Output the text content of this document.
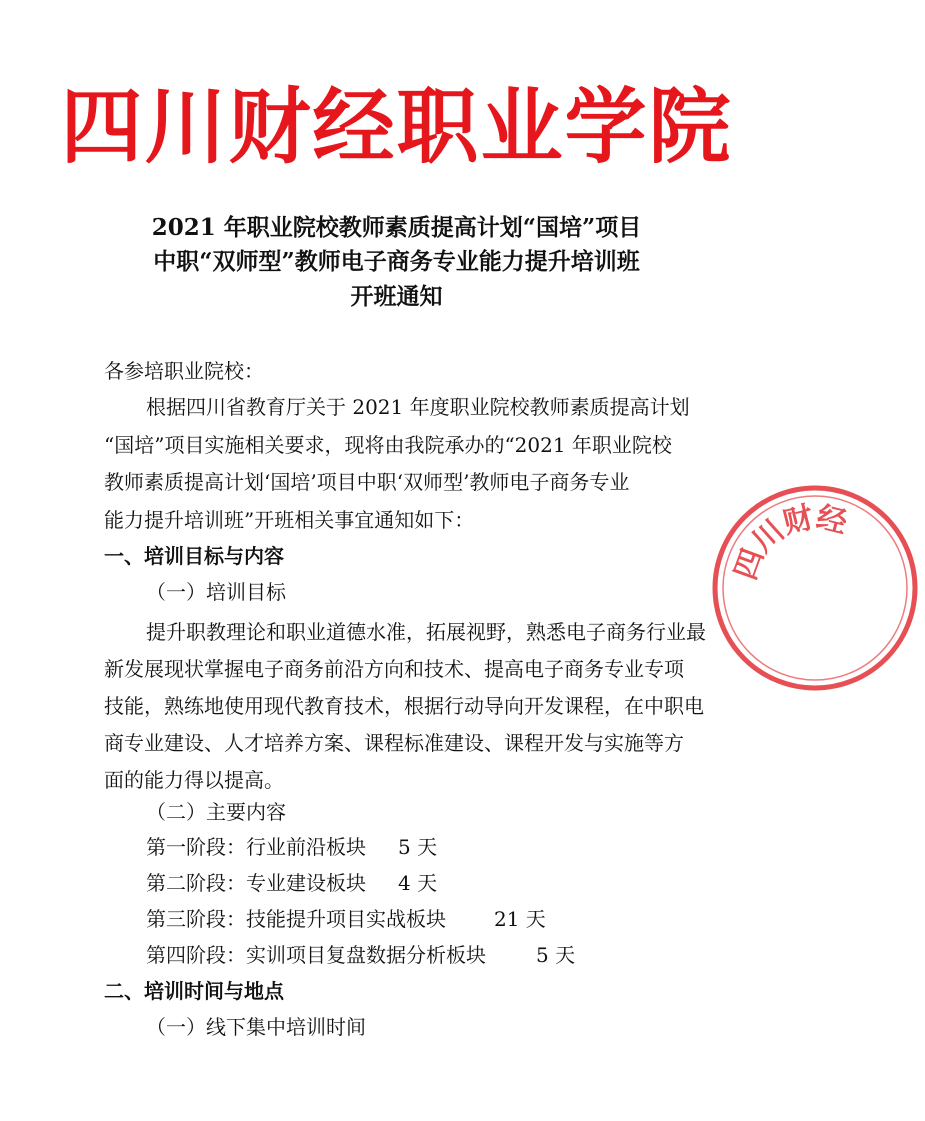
四川财经职业学院
2021 年职业院校教师素质提高计划“国培”项目
中职“双师型”教师电子商务专业能力提升培训班
开班通知
各参培职业院校：
根据四川省教育厅关于 2021 年度职业院校教师素质提高计划
“国培”项目实施相关要求，现将由我院承办的“2021 年职业院校
教师素质提高计划‘国培’项目中职‘双师型’教师电子商务专业
能力提升培训班”开班相关事宜通知如下：
一、培训目标与内容
（一）培训目标
提升职教理论和职业道德水准，拓展视野，熟悉电子商务行业最
新发展现状掌握电子商务前沿方向和技术、提高电子商务专业专项
技能，熟练地使用现代教育技术，根据行动导向开发课程，在中职电
商专业建设、人才培养方案、课程标准建设、课程开发与实施等方
面的能力得以提高。
（二）主要内容
第一阶段：行业前沿板块 5 天
第二阶段：专业建设板块 4 天
第三阶段：技能提升项目实战板块 21 天
第四阶段：实训项目复盘数据分析板块	5 天
二、培训时间与地点
（一）线下集中培训时间
四
川
财
经
